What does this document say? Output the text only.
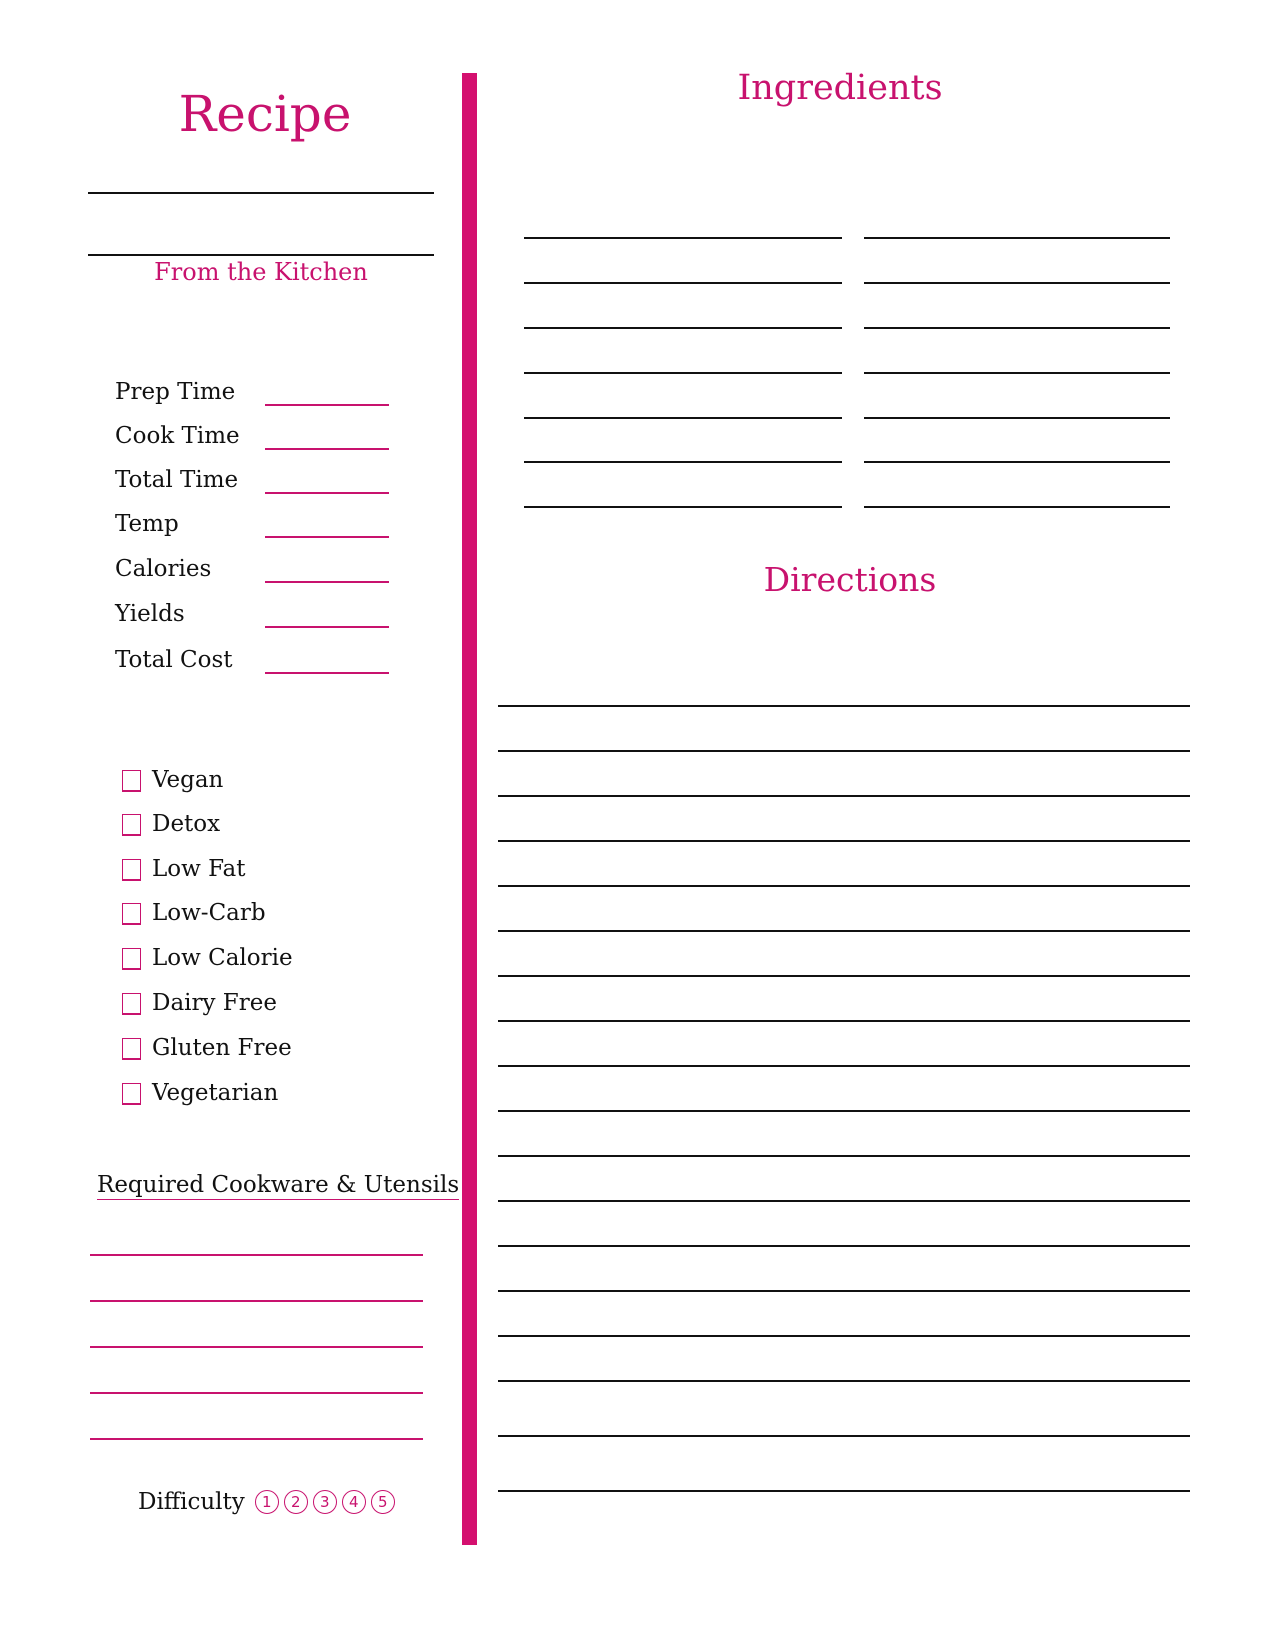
Recipe
From the Kitchen
Prep Time
Cook Time
Total Time
Temp
Calories
Yields
Total Cost
Vegan
Detox
Low Fat
Low-Carb
Low Calorie
Dairy Free
Gluten Free
Vegetarian
Required Cookware & Utensils
Difficulty 1 2 3 4 5
Ingredients
Directions
